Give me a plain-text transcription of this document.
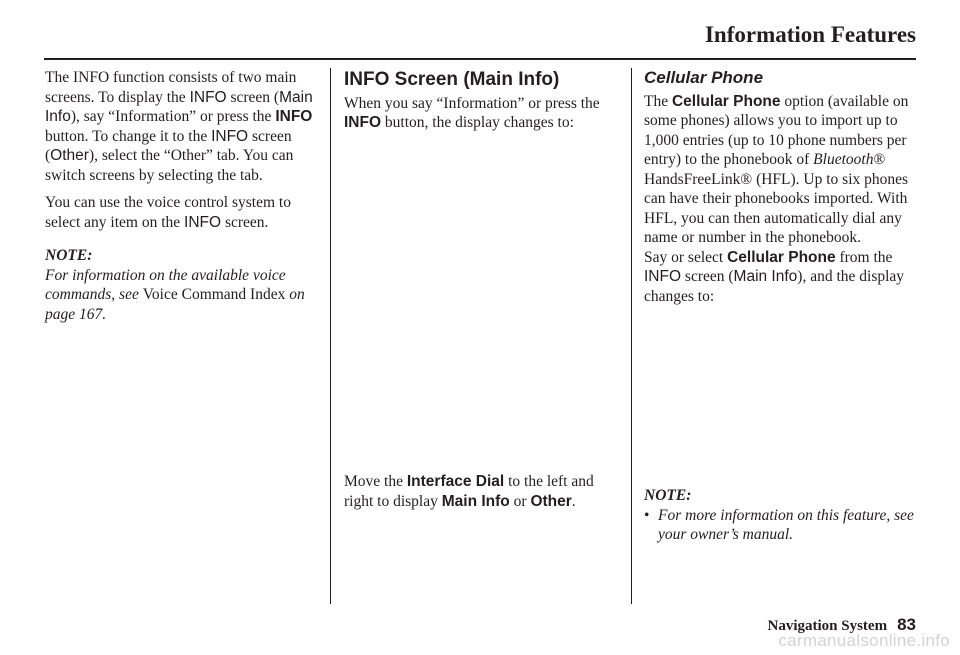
Information Features

The INFO function consists of two main screens. To display the INFO screen (Main Info), say “Information” or press the INFO button. To change it to the INFO screen (Other), select the “Other” tab. You can switch screens by selecting the tab.

You can use the voice control system to select any item on the INFO screen.

NOTE:
For information on the available voice commands, see Voice Command Index on page 167.

INFO Screen (Main Info)

When you say “Information” or press the INFO button, the display changes to:

Move the Interface Dial to the left and right to display Main Info or Other.
Cellular Phone

The Cellular Phone option (available on some phones) allows you to import up to 1,000 entries (up to 10 phone numbers per entry) to the phonebook of Bluetooth® HandsFreeLink® (HFL). Up to six phones can have their phonebooks imported. With HFL, you can then automatically dial any name or number in the phonebook.

Say or select Cellular Phone from the INFO screen (Main Info), and the display changes to:

NOTE:
• For more information on this feature, see your owner’s manual.
Navigation System 83
carmanualsonline.info
